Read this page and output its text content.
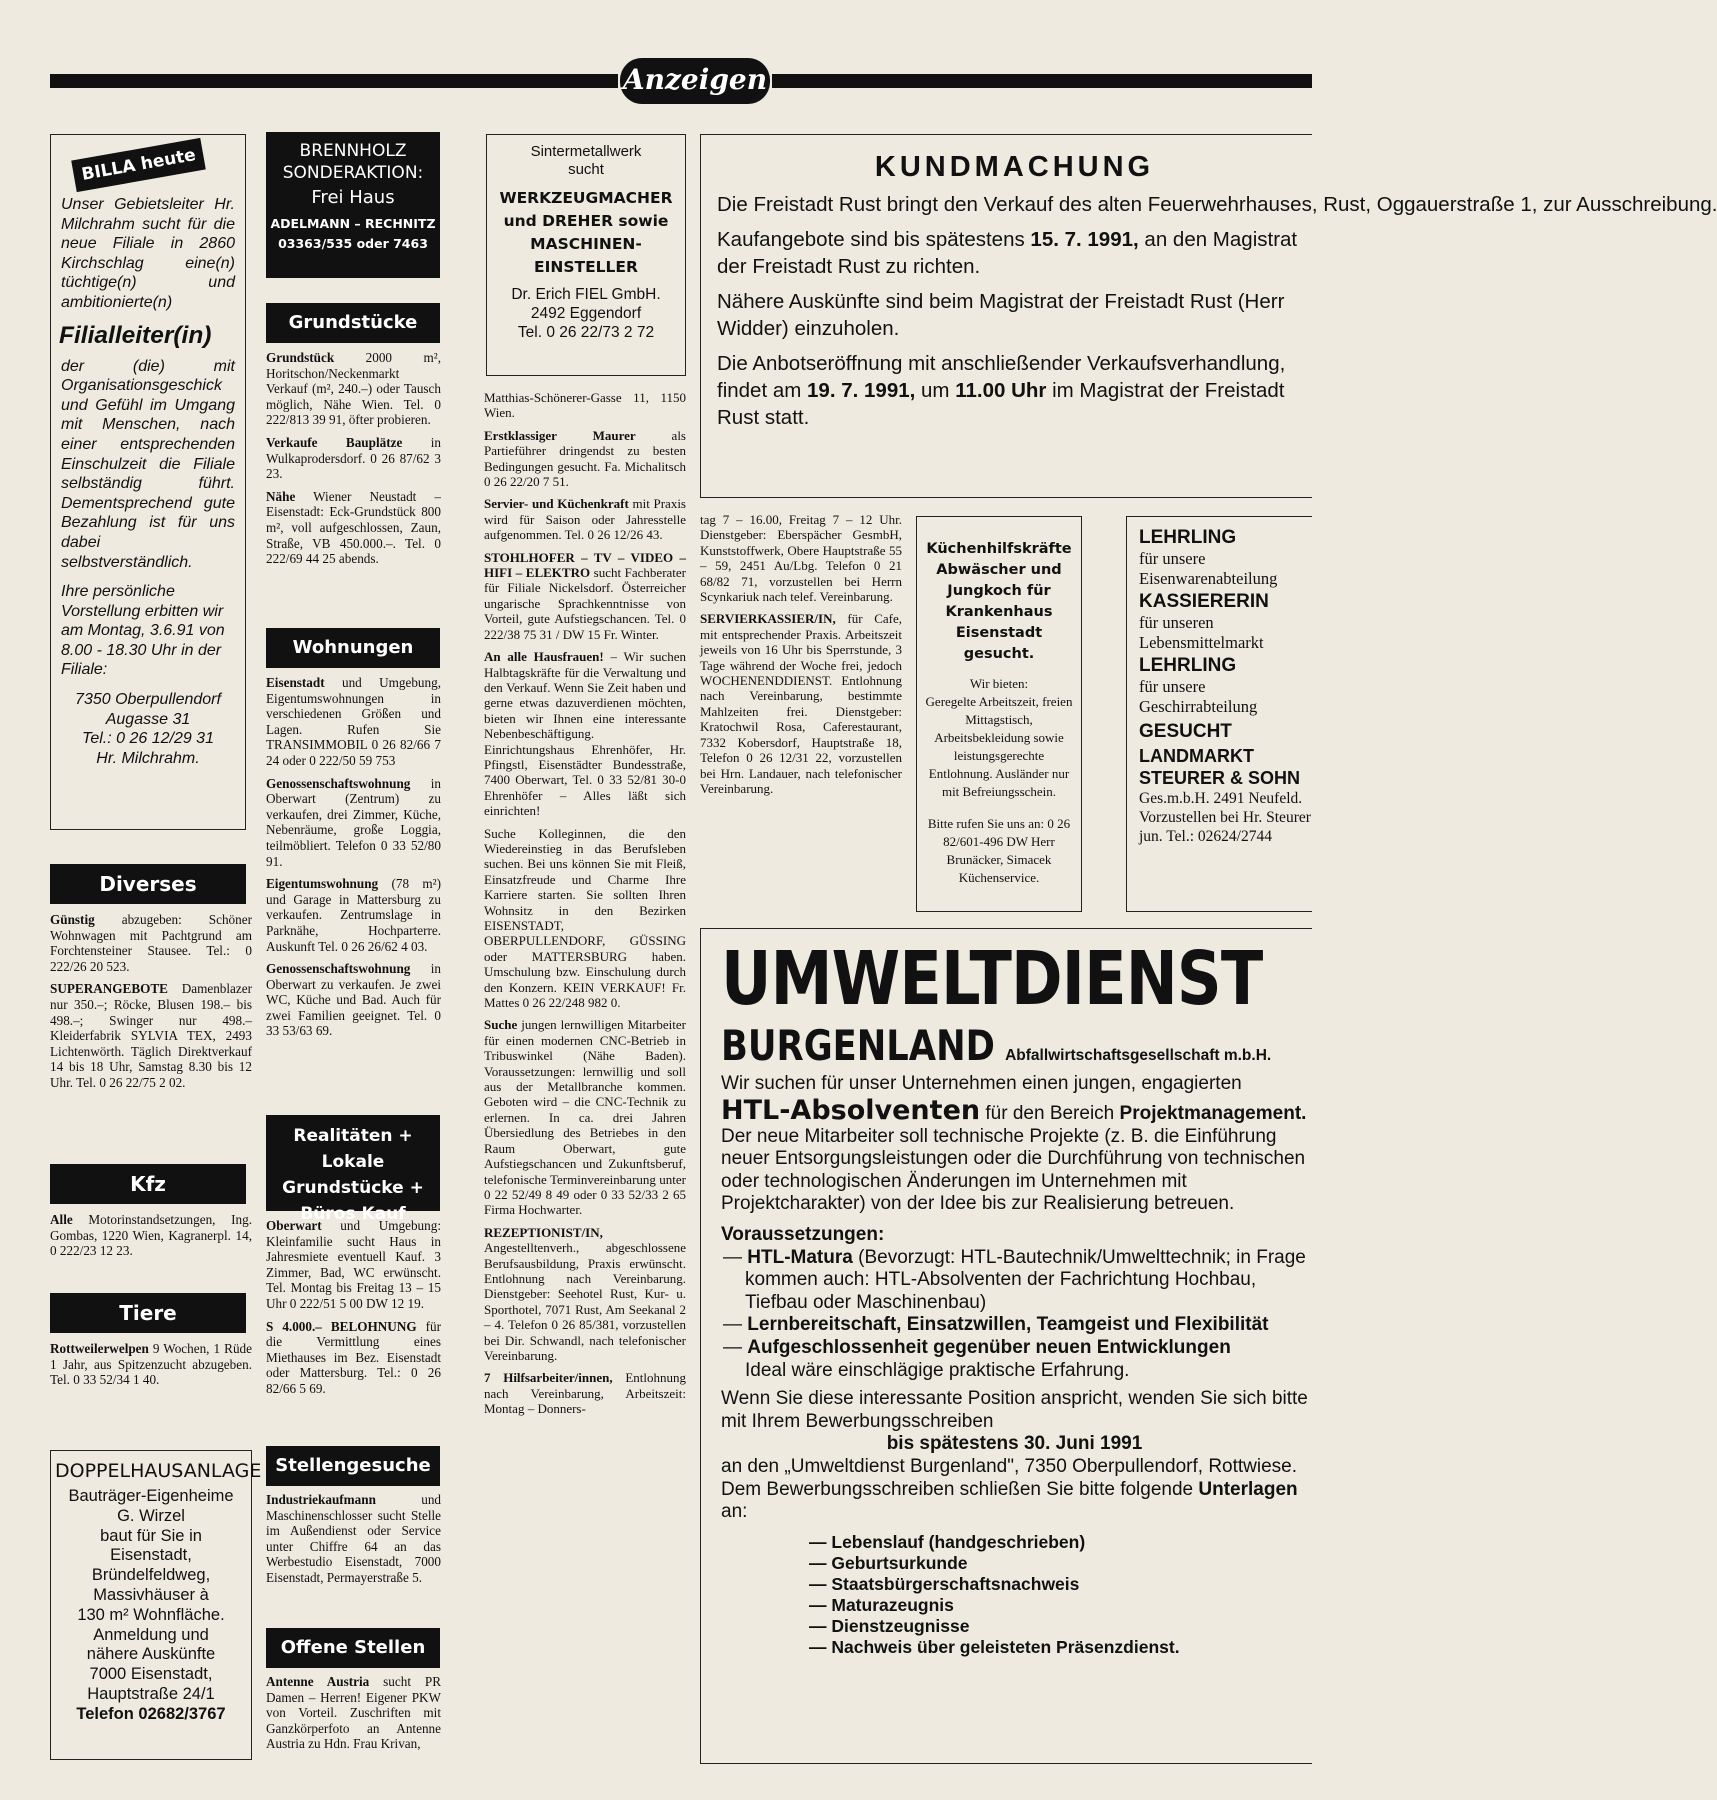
Anzeigen
BILLA heute
Unser Gebietsleiter Hr. Milchrahm sucht für die neue Filiale in 2860 Kirchschlag eine(n) tüchtige(n) und ambitionierte(n)
Filialleiter(in)
der (die) mit Organisationsgeschick und Gefühl im Umgang mit Menschen, nach einer entsprechenden Einschulzeit die Filiale selbständig führt. Dementsprechend gute Bezahlung ist für uns dabei selbstverständlich.
Ihre persönliche Vorstellung erbitten wir am Montag, 3.6.91 von 8.00 - 18.30 Uhr in der Filiale:
7350 Oberpullendorf
Augasse 31
Tel.: 0 26 12/29 31
Hr. Milchrahm.
Diverses

Günstig abzugeben: Schöner Wohnwagen mit Pachtgrund am Forchtensteiner Stausee. Tel.: 0 222/26 20 523.

SUPERANGEBOTE Damenblazer nur 350.–; Röcke, Blusen 198.– bis 498.–; Swinger nur 498.– Kleiderfabrik SYLVIA TEX, 2493 Lichtenwörth. Täglich Direktverkauf 14 bis 18 Uhr, Samstag 8.30 bis 12 Uhr. Tel. 0 26 22/75 2 02.

Kfz

Alle Motorinstandsetzungen, Ing. Gombas, 1220 Wien, Kagranerpl. 14, 0 222/23 12 23.

Tiere

Rottweilerwelpen 9 Wochen, 1 Rüde 1 Jahr, aus Spitzenzucht abzugeben. Tel. 0 33 52/34 1 40.

DOPPELHAUSANLAGE
Bauträger-Eigenheime
G. Wirzel
baut für Sie in
Eisenstadt,
Bründelfeldweg,
Massivhäuser à
130 m² Wohnfläche.
Anmeldung und
nähere Auskünfte
7000 Eisenstadt,
Hauptstraße 24/1
Telefon 02682/3767
BRENNHOLZ SONDERAKTION:
Frei Haus
ADELMANN – RECHNITZ
03363/535 oder 7463
Grundstücke

Grundstück 2000 m², Horitschon/Neckenmarkt Verkauf (m², 240.–) oder Tausch möglich, Nähe Wien. Tel. 0 222/813 39 91, öfter probieren.

Verkaufe Bauplätze in Wulkaprodersdorf. 0 26 87/62 3 23.

Nähe Wiener Neustadt – Eisenstadt: Eck-Grundstück 800 m², voll aufgeschlossen, Zaun, Straße, VB 450.000.–. Tel. 0 222/69 44 25 abends.

Wohnungen

Eisenstadt und Umgebung, Eigentumswohnungen in verschiedenen Größen und Lagen. Rufen Sie TRANSIMMOBIL 0 26 82/66 7 24 oder 0 222/50 59 753

Genossenschaftswohnung in Oberwart (Zentrum) zu verkaufen, drei Zimmer, Küche, Nebenräume, große Loggia, teilmöbliert. Telefon 0 33 52/80 91.

Eigentumswohnung (78 m²) und Garage in Mattersburg zu verkaufen. Zentrumslage in Parknähe, Hochparterre. Auskunft Tel. 0 26 26/62 4 03.

Genossenschaftswohnung in Oberwart zu verkaufen. Je zwei WC, Küche und Bad. Auch für zwei Familien geeignet. Tel. 0 33 53/63 69.

Realitäten + Lokale Grundstücke + Büros Kauf

Oberwart und Umgebung: Kleinfamilie sucht Haus in Jahresmiete eventuell Kauf. 3 Zimmer, Bad, WC erwünscht. Tel. Montag bis Freitag 13 – 15 Uhr 0 222/51 5 00 DW 12 19.

S 4.000.– BELOHNUNG für die Vermittlung eines Miethauses im Bez. Eisenstadt oder Mattersburg. Tel.: 0 26 82/66 5 69.

Stellengesuche

Industriekaufmann und Maschinenschlosser sucht Stelle im Außendienst oder Service unter Chiffre 64 an das Werbestudio Eisenstadt, 7000 Eisenstadt, Permayerstraße 5.

Offene Stellen

Antenne Austria sucht PR Damen – Herren! Eigener PKW von Vorteil. Zuschriften mit Ganzkörperfoto an Antenne Austria zu Hdn. Frau Krivan,

Sintermetallwerk sucht
WERKZEUGMACHER und DREHER sowie MASCHINEN-EINSTELLER
Dr. Erich FIEL GmbH.
2492 Eggendorf
Tel. 0 26 22/73 2 72

Matthias-Schönerer-Gasse 11, 1150 Wien.

Erstklassiger Maurer als Partieführer dringendst zu besten Bedingungen gesucht. Fa. Michalitsch 0 26 22/20 7 51.

Servier- und Küchenkraft mit Praxis wird für Saison oder Jahresstelle aufgenommen. Tel. 0 26 12/26 43.

STOHLHOFER – TV – VIDEO – HIFI – ELEKTRO sucht Fachberater für Filiale Nickelsdorf. Österreicher ungarische Sprachkenntnisse von Vorteil, gute Aufstiegschancen. Tel. 0 222/38 75 31 / DW 15 Fr. Winter.

An alle Hausfrauen! – Wir suchen Halbtagskräfte für die Verwaltung und den Verkauf. Wenn Sie Zeit haben und gerne etwas dazuverdienen möchten, bieten wir Ihnen eine interessante Nebenbeschäftigung. Einrichtungshaus Ehrenhöfer, Hr. Pfingstl, Eisenstädter Bundesstraße, 7400 Oberwart, Tel. 0 33 52/81 30-0 Ehrenhöfer – Alles läßt sich einrichten!

Suche Kolleginnen, die den Wiedereinstieg in das Berufsleben suchen. Bei uns können Sie mit Fleiß, Einsatzfreude und Charme Ihre Karriere starten. Sie sollten Ihren Wohnsitz in den Bezirken EISENSTADT, OBERPULLENDORF, GÜSSING oder MATTERSBURG haben. Umschulung bzw. Einschulung durch den Konzern. KEIN VERKAUF! Fr. Mattes 0 26 22/248 982 0.

Suche jungen lernwilligen Mitarbeiter für einen modernen CNC-Betrieb in Tribuswinkel (Nähe Baden). Voraussetzungen: lernwillig und soll aus der Metallbranche kommen. Geboten wird – die CNC-Technik zu erlernen. In ca. drei Jahren Übersiedlung des Betriebes in den Raum Oberwart, gute Aufstiegschancen und Zukunftsberuf, telefonische Terminvereinbarung unter 0 22 52/49 8 49 oder 0 33 52/33 2 65 Firma Hochwarter.

REZEPTIONIST/IN, Angestelltenverh., abgeschlossene Berufsausbildung, Praxis erwünscht. Entlohnung nach Vereinbarung. Dienstgeber: Seehotel Rust, Kur- u. Sporthotel, 7071 Rust, Am Seekanal 2 – 4. Telefon 0 26 85/381, vorzustellen bei Dir. Schwandl, nach telefonischer Vereinbarung.

7 Hilfsarbeiter/innen, Entlohnung nach Vereinbarung, Arbeitszeit: Montag – Donners-

KUNDMACHUNG
Die Freistadt Rust bringt den Verkauf des alten Feuerwehrhauses, Rust, Oggauerstraße 1, zur Ausschreibung.
Kaufangebote sind bis spätestens 15. 7. 1991, an den Magistrat der Freistadt Rust zu richten.
Nähere Auskünfte sind beim Magistrat der Freistadt Rust (Herr Widder) einzuholen.
Die Anbotseröffnung mit anschließender Verkaufsverhandlung, findet am 19. 7. 1991, um 11.00 Uhr im Magistrat der Freistadt Rust statt.

tag 7 – 16.00, Freitag 7 – 12 Uhr. Dienstgeber: Eberspächer GesmbH, Kunststoffwerk, Obere Hauptstraße 55 – 59, 2451 Au/Lbg. Telefon 0 21 68/82 71, vorzustellen bei Herrn Scynkariuk nach telef. Vereinbarung.

SERVIERKASSIER/IN, für Cafe, mit entsprechender Praxis. Arbeitszeit jeweils von 16 Uhr bis Sperrstunde, 3 Tage während der Woche frei, jedoch WOCHENENDDIENST. Entlohnung nach Vereinbarung, bestimmte Mahlzeiten frei. Dienstgeber: Kratochwil Rosa, Caferestaurant, 7332 Kobersdorf, Hauptstraße 18, Telefon 0 26 12/31 22, vorzustellen bei Hrn. Landauer, nach telefonischer Vereinbarung.

Küchenhilfskräfte Abwäscher und Jungkoch für Krankenhaus Eisenstadt gesucht.
Wir bieten:
Geregelte Arbeitszeit, freien Mittagstisch, Arbeitsbekleidung sowie leistungsgerechte Entlohnung. Ausländer nur mit Befreiungsschein.
Bitte rufen Sie uns an: 0 26 82/601-496 DW Herr Brunäcker, Simacek Küchenservice.
LEHRLING
für unsere Eisenwarenabteilung
KASSIERERIN
für unseren Lebensmittelmarkt
LEHRLING
für unsere Geschirrabteilung
GESUCHT
LANDMARKT STEURER & SOHN
Ges.m.b.H. 2491 Neufeld. Vorzustellen bei Hr. Steurer jun. Tel.: 02624/2744
UMWELTDIENST
BURGENLAND Abfallwirtschaftsgesellschaft m.b.H.
Wir suchen für unser Unternehmen einen jungen, engagierten
HTL-Absolventen für den Bereich Projektmanagement. Der neue Mitarbeiter soll technische Projekte (z. B. die Einführung neuer Entsorgungsleistungen oder die Durchführung von technischen oder technologischen Änderungen im Unternehmen mit Projektcharakter) von der Idee bis zur Realisierung betreuen.
Voraussetzungen:
— HTL-Matura (Bevorzugt: HTL-Bautechnik/Umwelttechnik; in Frage kommen auch: HTL-Absolventen der Fachrichtung Hochbau, Tiefbau oder Maschinenbau)
— Lernbereitschaft, Einsatzwillen, Teamgeist und Flexibilität
— Aufgeschlossenheit gegenüber neuen Entwicklungen
Ideal wäre einschlägige praktische Erfahrung.
Wenn Sie diese interessante Position anspricht, wenden Sie sich bitte mit Ihrem Bewerbungsschreiben
bis spätestens 30. Juni 1991
an den „Umweltdienst Burgenland", 7350 Oberpullendorf, Rottwiese.
Dem Bewerbungsschreiben schließen Sie bitte folgende Unterlagen an:
— Lebenslauf (handgeschrieben)
— Geburtsurkunde
— Staatsbürgerschaftsnachweis
— Maturazeugnis
— Dienstzeugnisse
— Nachweis über geleisteten Präsenzdienst.
